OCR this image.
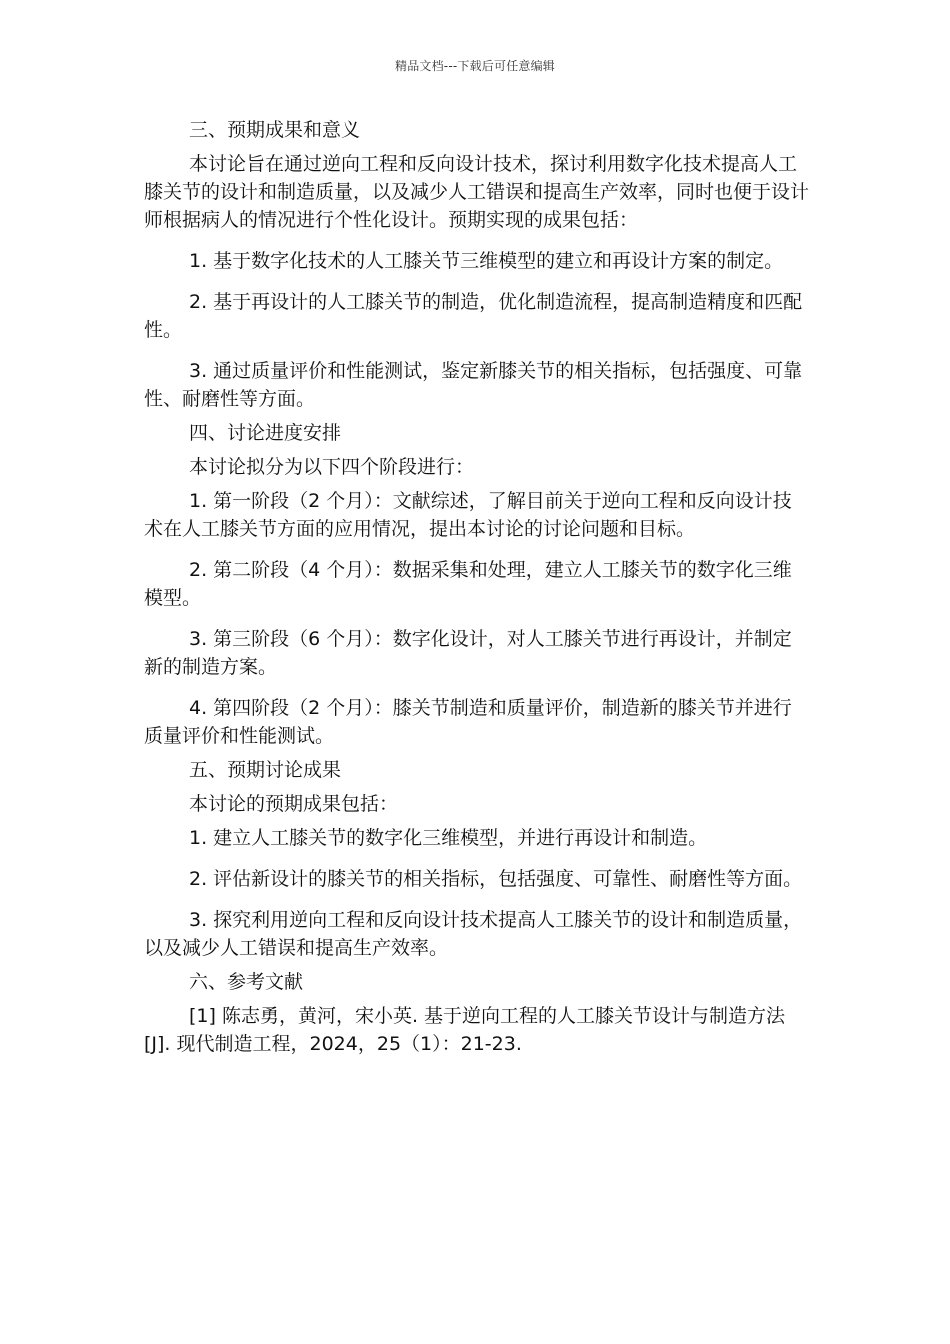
精品文档---下载后可任意编辑

三、预期成果和意义

本讨论旨在通过逆向工程和反向设计技术，探讨利用数字化技术提高人工膝关节的设计和制造质量，以及减少人工错误和提高生产效率，同时也便于设计师根据病人的情况进行个性化设计。预期实现的成果包括：

1. 基于数字化技术的人工膝关节三维模型的建立和再设计方案的制定。

2. 基于再设计的人工膝关节的制造，优化制造流程，提高制造精度和匹配性。

3. 通过质量评价和性能测试，鉴定新膝关节的相关指标，包括强度、可靠性、耐磨性等方面。

四、讨论进度安排

本讨论拟分为以下四个阶段进行：

1. 第一阶段（2 个月）：文献综述，了解目前关于逆向工程和反向设计技术在人工膝关节方面的应用情况，提出本讨论的讨论问题和目标。

2. 第二阶段（4 个月）：数据采集和处理，建立人工膝关节的数字化三维模型。

3. 第三阶段（6 个月）：数字化设计，对人工膝关节进行再设计，并制定新的制造方案。

4. 第四阶段（2 个月）：膝关节制造和质量评价，制造新的膝关节并进行质量评价和性能测试。

五、预期讨论成果

本讨论的预期成果包括：

1. 建立人工膝关节的数字化三维模型，并进行再设计和制造。

2. 评估新设计的膝关节的相关指标，包括强度、可靠性、耐磨性等方面。

3. 探究利用逆向工程和反向设计技术提高人工膝关节的设计和制造质量，以及减少人工错误和提高生产效率。

六、参考文献

[1] 陈志勇，黄河，宋小英. 基于逆向工程的人工膝关节设计与制造方法[J]. 现代制造工程，2024，25（1）：21-23.
